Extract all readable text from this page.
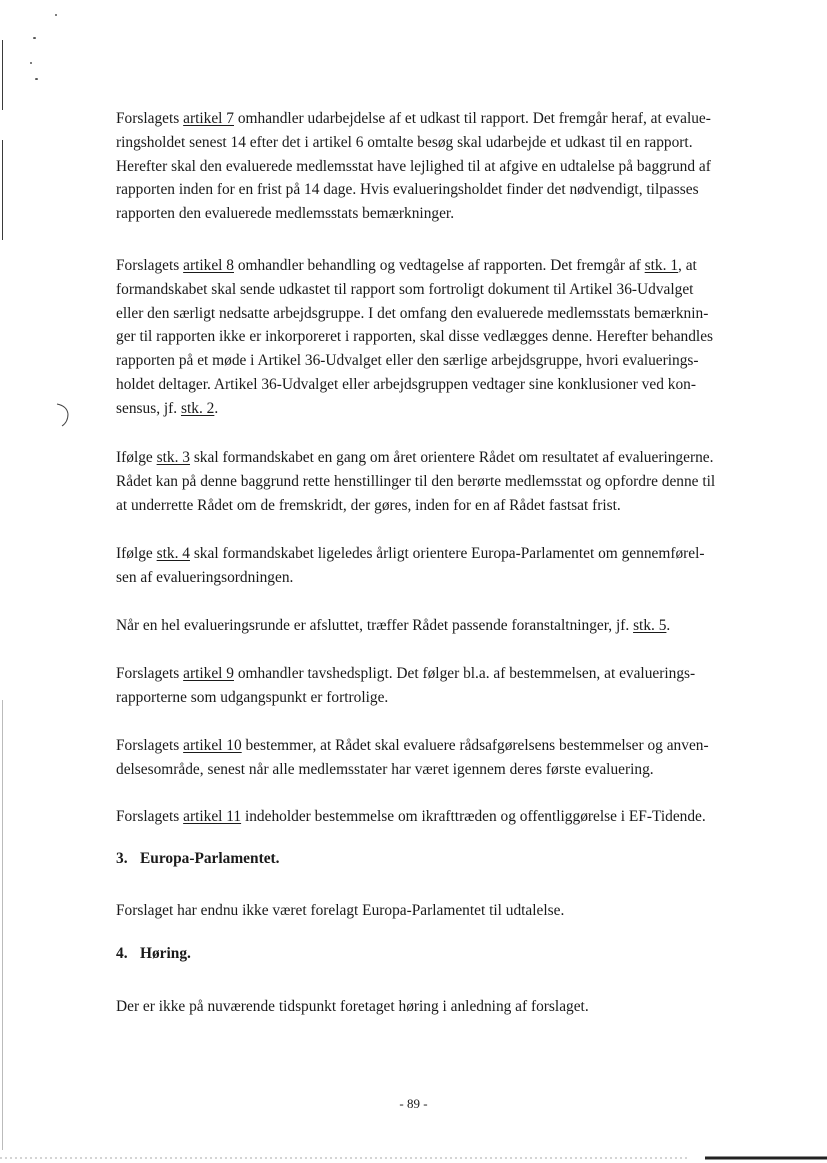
Forslagets artikel 7 omhandler udarbejdelse af et udkast til rapport. Det fremgår heraf, at evalue-
ringsholdet senest 14 efter det i artikel 6 omtalte besøg skal udarbejde et udkast til en rapport.
Herefter skal den evaluerede medlemsstat have lejlighed til at afgive en udtalelse på baggrund af
rapporten inden for en frist på 14 dage. Hvis evalueringsholdet finder det nødvendigt, tilpasses
rapporten den evaluerede medlemsstats bemærkninger.

Forslagets artikel 8 omhandler behandling og vedtagelse af rapporten. Det fremgår af stk. 1, at
formandskabet skal sende udkastet til rapport som fortroligt dokument til Artikel 36-Udvalget
eller den særligt nedsatte arbejdsgruppe. I det omfang den evaluerede medlemsstats bemærknin-
ger til rapporten ikke er inkorporeret i rapporten, skal disse vedlægges denne. Herefter behandles
rapporten på et møde i Artikel 36-Udvalget eller den særlige arbejdsgruppe, hvori evaluerings-
holdet deltager. Artikel 36-Udvalget eller arbejdsgruppen vedtager sine konklusioner ved kon-
sensus, jf. stk. 2.

Ifølge stk. 3 skal formandskabet en gang om året orientere Rådet om resultatet af evalueringerne.
Rådet kan på denne baggrund rette henstillinger til den berørte medlemsstat og opfordre denne til
at underrette Rådet om de fremskridt, der gøres, inden for en af Rådet fastsat frist.

Ifølge stk. 4 skal formandskabet ligeledes årligt orientere Europa-Parlamentet om gennemførel-
sen af evalueringsordningen.

Når en hel evalueringsrunde er afsluttet, træffer Rådet passende foranstaltninger, jf. stk. 5.

Forslagets artikel 9 omhandler tavshedspligt. Det følger bl.a. af bestemmelsen, at evaluerings-
rapporterne som udgangspunkt er fortrolige.

Forslagets artikel 10 bestemmer, at Rådet skal evaluere rådsafgørelsens bestemmelser og anven-
delsesområde, senest når alle medlemsstater har været igennem deres første evaluering.

Forslagets artikel 11 indeholder bestemmelse om ikrafttræden og offentliggørelse i EF-Tidende.

3. Europa-Parlamentet.

Forslaget har endnu ikke været forelagt Europa-Parlamentet til udtalelse.

4. Høring.

Der er ikke på nuværende tidspunkt foretaget høring i anledning af forslaget.

- 89 -
